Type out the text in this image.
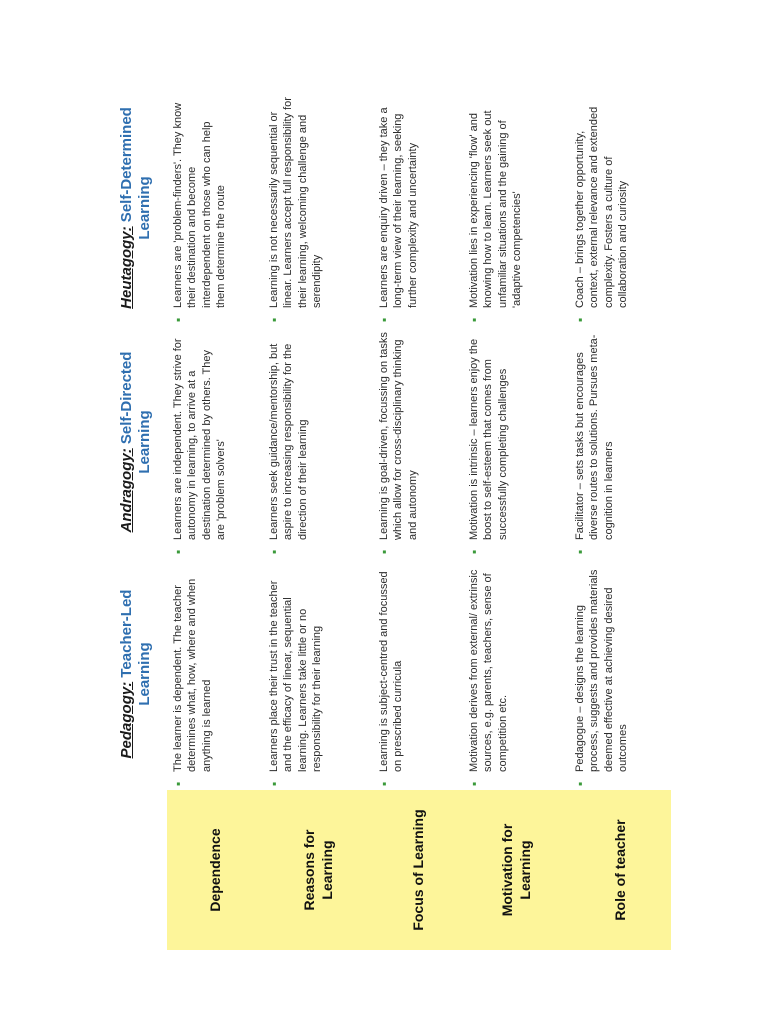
	Pedagogy: Teacher-Led Learning	Andragogy: Self-Directed Learning	Heutagogy: Self-Determined Learning
Dependence	▪
The learner is dependent. The teacher determines what, how, where and when anything is learned	▪
Learners are independent. They strive for autonomy in learning, to arrive at a destination determined by others. They are 'problem solvers'	▪
Learners are 'problem-finders'. They know their destination and become interdependent on those who can help them determine the route

Reasons for Learning	▪
Learners place their trust in the teacher and the efficacy of linear, sequential learning. Learners take little or no responsibility for their learning	▪
Learners seek guidance/mentorship, but aspire to increasing responsibility for the direction of their learning	▪
Learning is not necessarily sequential or linear. Learners accept full responsibility for their learning, welcoming challenge and serendipity

Focus of Learning	▪
Learning is subject-centred and focussed on prescribed curricula	▪
Learning is goal-driven, focussing on tasks which allow for cross-disciplinary thinking and autonomy	▪
Learners are enquiry driven – they take a long-term view of their learning, seeking further complexity and uncertainty

Motivation for Learning	▪
Motivation derives from external/ extrinsic sources, e.g. parents, teachers, sense of competition etc.	▪
Motivation is intrinsic – learners enjoy the boost to self-esteem that comes from successfully completing challenges	▪
Motivation lies in experiencing 'flow' and knowing how to learn. Learners seek out unfamiliar situations and the gaining of 'adaptive competencies'

Role of teacher	▪
Pedagogue – designs the learning process, suggests and provides materials deemed effective at achieving desired outcomes	▪
Facilitator – sets tasks but encourages diverse routes to solutions. Pursues meta-cognition in learners	▪
Coach – brings together opportunity, context, external relevance and extended complexity. Fosters a culture of collaboration and curiosity
